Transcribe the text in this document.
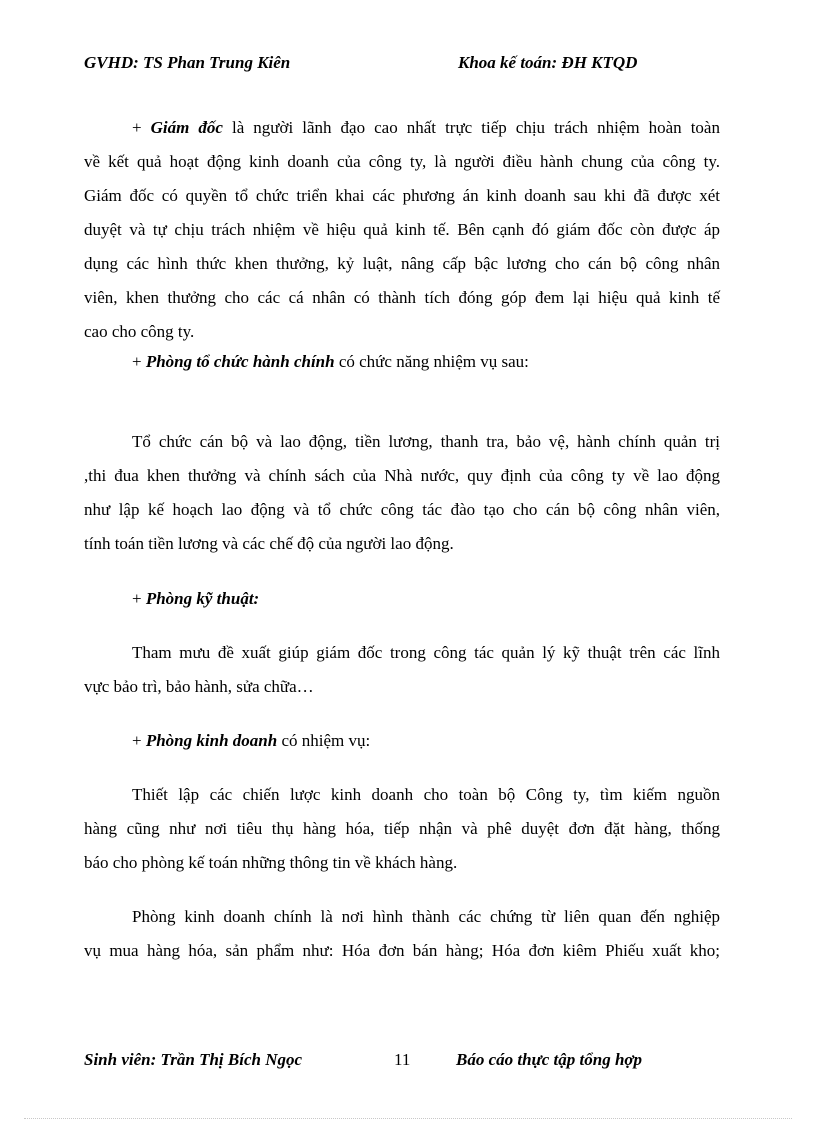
GVHD: TS Phan Trung Kiên	Khoa kế toán: ĐH KTQD
+ Giám đốc là người lãnh đạo cao nhất trực tiếp chịu trách nhiệm hoàn toàn
về kết quả hoạt động kinh doanh của công ty, là người điều hành chung của công ty.
Giám đốc có quyền tổ chức triển khai các phương án kinh doanh sau khi đã được xét
duyệt và tự chịu trách nhiệm về hiệu quả kinh tế. Bên cạnh đó giám đốc còn được áp
dụng các hình thức khen thưởng, kỷ luật, nâng cấp bậc lương cho cán bộ công nhân
viên, khen thưởng cho các cá nhân có thành tích đóng góp đem lại hiệu quả kinh tế
cao cho công ty.
+ Phòng tổ chức hành chính có chức năng nhiệm vụ sau:
Tổ chức cán bộ và lao động, tiền lương, thanh tra, bảo vệ, hành chính quản trị
,thi đua khen thưởng và chính sách của Nhà nước, quy định của công ty về lao động
như lập kế hoạch lao động và tổ chức công tác đào tạo cho cán bộ công nhân viên,
tính toán tiền lương và các chế độ của người lao động.
+ Phòng kỹ thuật:
Tham mưu đề xuất giúp giám đốc trong công tác quản lý kỹ thuật trên các lĩnh
vực bảo trì, bảo hành, sửa chữa…
+ Phòng kinh doanh có nhiệm vụ:
Thiết lập các chiến lược kinh doanh cho toàn bộ Công ty, tìm kiếm nguồn
hàng cũng như nơi tiêu thụ hàng hóa, tiếp nhận và phê duyệt đơn đặt hàng, thống
báo cho phòng kế toán những thông tin về khách hàng.
Phòng kinh doanh chính là nơi hình thành các chứng từ liên quan đến nghiệp
vụ mua hàng hóa, sản phẩm như: Hóa đơn bán hàng; Hóa đơn kiêm Phiếu xuất kho;
Sinh viên: Trần Thị Bích Ngọc	11	Báo cáo thực tập tổng hợp
